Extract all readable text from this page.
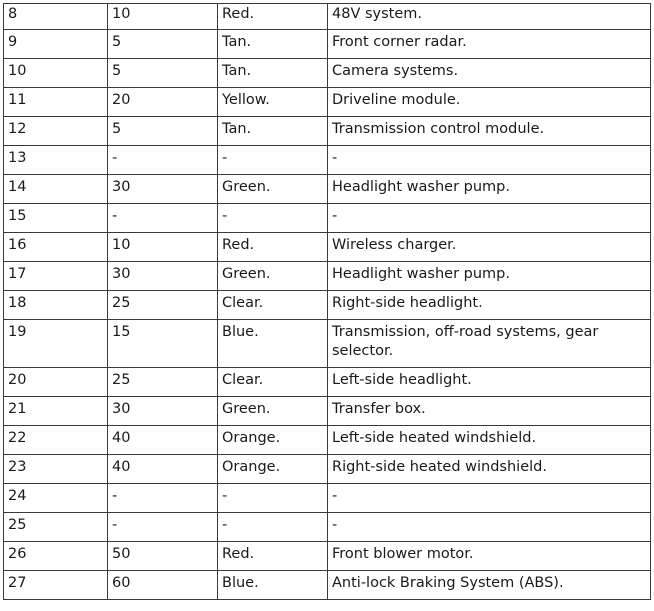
8	10	Red.	48V system.
9	5	Tan.	Front corner radar.
10	5	Tan.	Camera systems.
11	20	Yellow.	Driveline module.
12	5	Tan.	Transmission control module.
13	-	-	-
14	30	Green.	Headlight washer pump.
15	-	-	-
16	10	Red.	Wireless charger.
17	30	Green.	Headlight washer pump.
18	25	Clear.	Right-side headlight.
19	15	Blue.	Transmission, off-road systems, gear selector.
20	25	Clear.	Left-side headlight.
21	30	Green.	Transfer box.
22	40	Orange.	Left-side heated windshield.
23	40	Orange.	Right-side heated windshield.
24	-	-	-
25	-	-	-
26	50	Red.	Front blower motor.
27	60	Blue.	Anti-lock Braking System (ABS).
